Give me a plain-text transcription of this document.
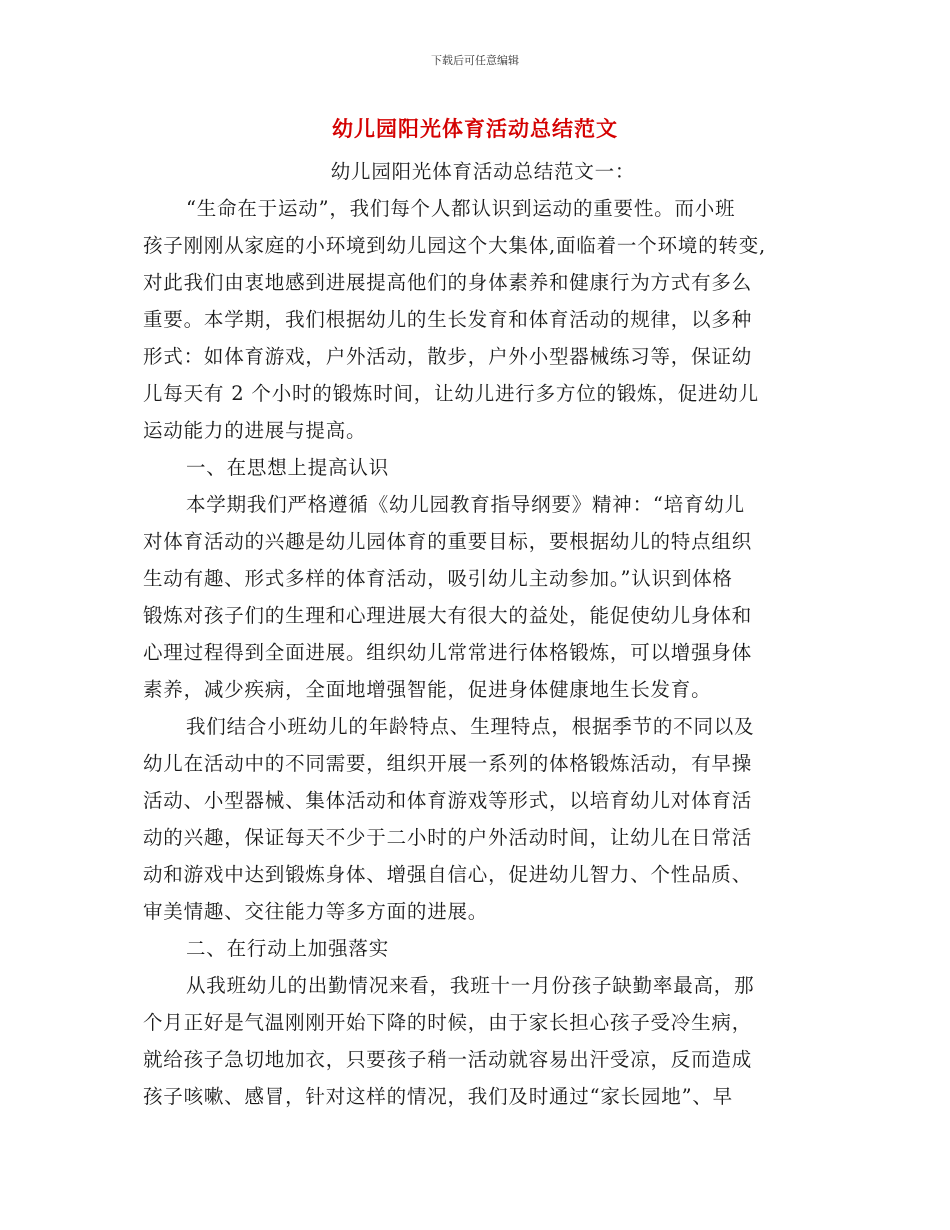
下载后可任意编辑
幼儿园阳光体育活动总结范文
幼儿园阳光体育活动总结范文一：
“生命在于运动”，我们每个人都认识到运动的重要性。而小班
孩子刚刚从家庭的小环境到幼儿园这个大集体,面临着一个环境的转变,
对此我们由衷地感到进展提高他们的身体素养和健康行为方式有多么
重要。本学期，我们根据幼儿的生长发育和体育活动的规律，以多种
形式：如体育游戏，户外活动，散步，户外小型器械练习等，保证幼
儿每天有 2 个小时的锻炼时间，让幼儿进行多方位的锻炼，促进幼儿
运动能力的进展与提高。
一、在思想上提高认识
本学期我们严格遵循《幼儿园教育指导纲要》精神：“培育幼儿
对体育活动的兴趣是幼儿园体育的重要目标，要根据幼儿的特点组织
生动有趣、形式多样的体育活动，吸引幼儿主动参加。”认识到体格
锻炼对孩子们的生理和心理进展大有很大的益处，能促使幼儿身体和
心理过程得到全面进展。组织幼儿常常进行体格锻炼，可以增强身体
素养，减少疾病，全面地增强智能，促进身体健康地生长发育。
我们结合小班幼儿的年龄特点、生理特点，根据季节的不同以及
幼儿在活动中的不同需要，组织开展一系列的体格锻炼活动，有早操
活动、小型器械、集体活动和体育游戏等形式，以培育幼儿对体育活
动的兴趣，保证每天不少于二小时的户外活动时间，让幼儿在日常活
动和游戏中达到锻炼身体、增强自信心，促进幼儿智力、个性品质、
审美情趣、交往能力等多方面的进展。
二、在行动上加强落实
从我班幼儿的出勤情况来看，我班十一月份孩子缺勤率最高，那
个月正好是气温刚刚开始下降的时候，由于家长担心孩子受冷生病，
就给孩子急切地加衣，只要孩子稍一活动就容易出汗受凉，反而造成
孩子咳嗽、感冒，针对这样的情况，我们及时通过“家长园地”、早
